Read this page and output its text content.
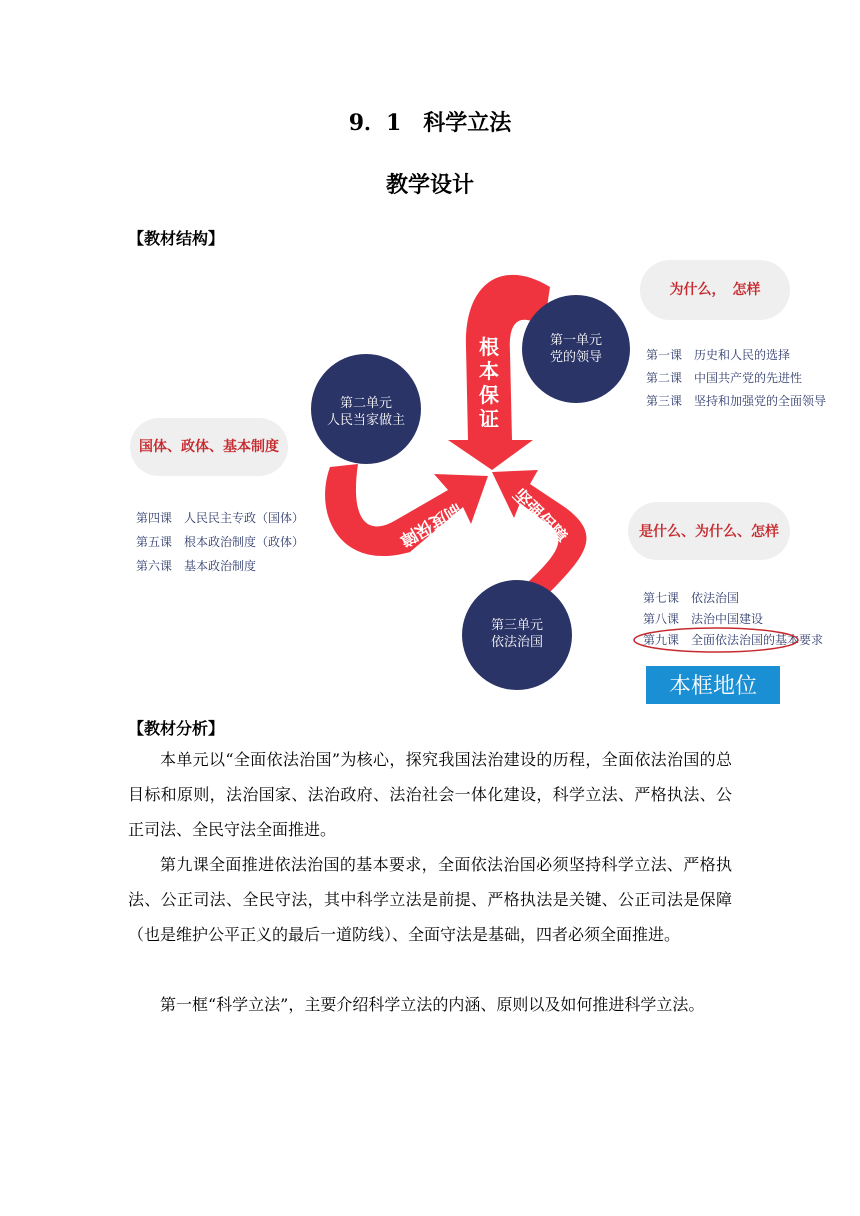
9．1　科学立法
教学设计
【教材结构】
根
本
保
证
制度保障	坚强保障
第一单元
党的领导
第二单元
人民当家做主
第三单元
依法治国
为什么，　怎样
国体、政体、基本制度
是什么、为什么、怎样
第一课　历史和人民的选择
第二课　中国共产党的先进性
第三课　坚持和加强党的全面领导
第四课　人民民主专政（国体）
第五课　根本政治制度（政体）
第六课　基本政治制度
第七课　依法治国
第八课　法治中国建设
第九课　全面依法治国的基本要求
本框地位
【教材分析】
本单元以“全面依法治国”为核心，探究我国法治建设的历程，全面依法治国的总目标和原则，法治国家、法治政府、法治社会一体化建设，科学立法、严格执法、公正司法、全民守法全面推进。
第九课全面推进依法治国的基本要求，全面依法治国必须坚持科学立法、严格执法、公正司法、全民守法，其中科学立法是前提、严格执法是关键、公正司法是保障（也是维护公平正义的最后一道防线）、全面守法是基础，四者必须全面推进。
第一框“科学立法”，主要介绍科学立法的内涵、原则以及如何推进科学立法。
